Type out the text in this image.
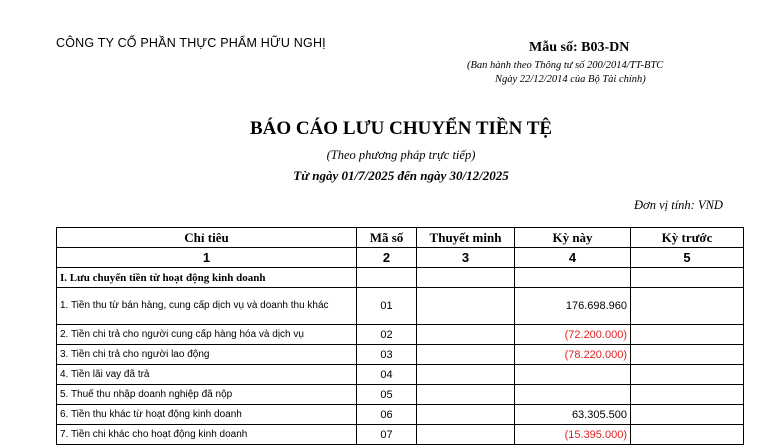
CÔNG TY CỔ PHẦN THỰC PHẨM HỮU NGHỊ	Mẫu số: B03-DN
(Ban hành theo Thông tư số 200/2014/TT-BTC
Ngày 22/12/2014 của Bộ Tài chính)
BÁO CÁO LƯU CHUYỂN TIỀN TỆ
(Theo phương pháp trực tiếp)
Từ ngày 01/7/2025 đến ngày 30/12/2025
Đơn vị tính: VND
Chỉ tiêu	Mã số	Thuyết minh	Kỳ này	Kỳ trước
1	2	3	4	5
I. Lưu chuyển tiền từ hoạt động kinh doanh				
1. Tiền thu từ bán hàng, cung cấp dịch vụ và doanh thu khác	01		176.698.960	
2. Tiền chi trả cho người cung cấp hàng hóa và dịch vụ	02		(72.200.000)	
3. Tiền chi trả cho người lao động	03		(78.220.000)	
4. Tiền lãi vay đã trả	04			
5. Thuế thu nhập doanh nghiệp đã nộp	05			
6. Tiền thu khác từ hoạt động kinh doanh	06		63.305.500	
7. Tiền chi khác cho hoạt động kinh doanh	07		(15.395.000)	
